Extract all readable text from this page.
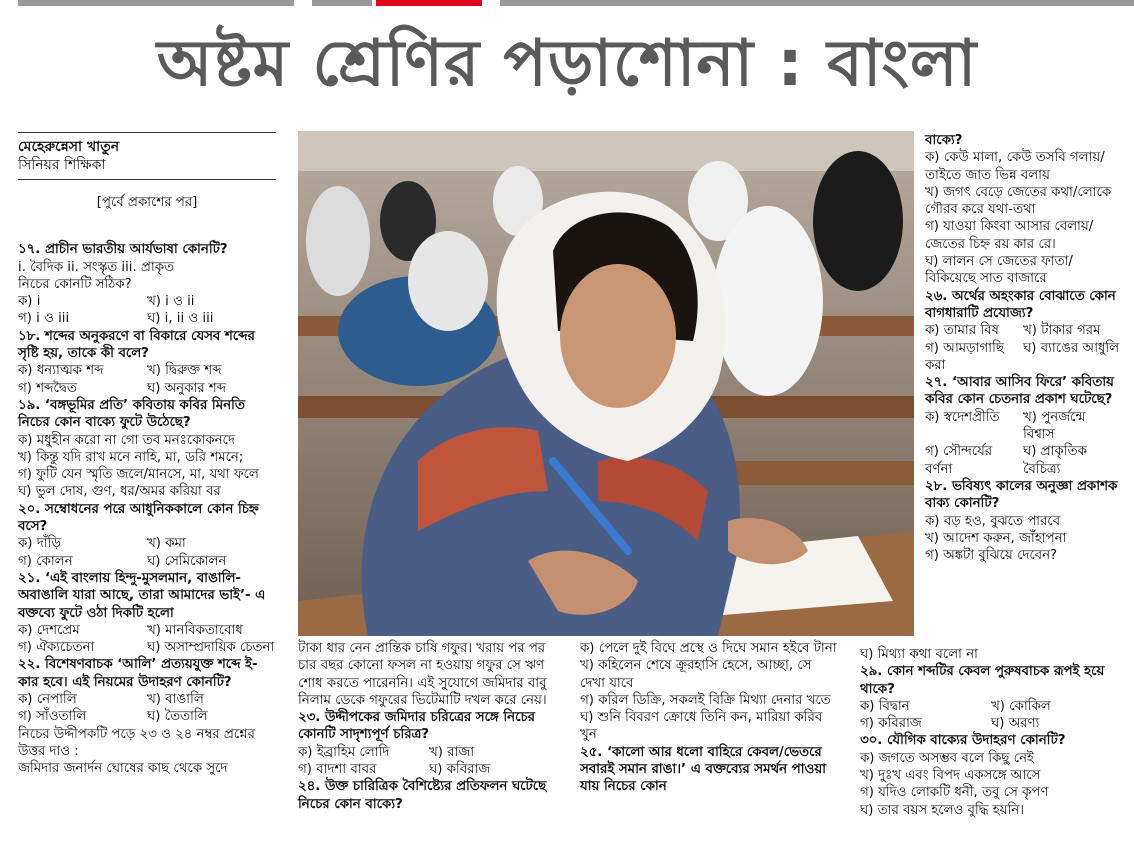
অষ্টম শ্রেণির পড়াশোনা : বাংলা
মেহেরুন্নেসা খাতুন
সিনিয়র শিক্ষিকা
[পুর্বে প্রকাশের পর]

১৭. প্রাচীন ভারতীয় আর্যভাষা কোনটি?

i. বৈদিক ii. সংস্কৃত iii. প্রাকৃত

নিচের কোনটি সঠিক?

ক) i	খ) i ও ii
গ) i ও iii	ঘ) i, ii ও iii

১৮. শব্দের অনুকরণে বা বিকারে যেসব শব্দের সৃষ্টি হয়, তাকে কী বলে?

ক) ধন্যাত্মক শব্দ	খ) দ্বিরুক্ত শব্দ
গ) শব্দদ্বৈত	ঘ) অনুকার শব্দ

১৯. ‘বঙ্গভূমির প্রতি’ কবিতায় কবির মিনতি নিচের কোন বাক্যে ফুটে উঠেছে?

ক) মধুহীন করো না গো তব মনঃকোকনদে

খ) কিন্তু যদি রাখ মনে নাহি, মা, ডরি শমনে;

গ) ফুটি যেন স্মৃতি জলে/মানসে, মা, যথা ফলে

ঘ) ভুল দোষ, গুণ, ধর/অমর করিয়া বর

২০. সম্বোধনের পরে আধুনিককালে কোন চিহ্ন বসে?

ক) দাঁড়ি	খ) কমা
গ) কোলন	ঘ) সেমিকোলন

২১. ‘এই বাংলায় হিন্দু-মুসলমান, বাঙালি-অবাঙালি যারা আছে, তারা আমাদের ভাই’- এ বক্তব্যে ফুটে ওঠা দিকটি হলো

ক) দেশপ্রেম	খ) মানবিকতাবোধ
গ) ঐক্যচেতনা	ঘ) অসাম্প্রদায়িক চেতনা

২২. বিশেষণবাচক ‘আলি’ প্রত্যয়যুক্ত শব্দে ই-কার হবে। এই নিয়মের উদাহরণ কোনটি?

ক) নেপালি	খ) বাঙালি
গ) সাঁওতালি	ঘ) তৈতালি

নিচের উদ্দীপকটি পড়ে ২৩ ও ২৪ নম্বর প্রশ্নের উত্তর দাও :

জমিদার জনার্দন ঘোষের কাছ থেকে সুদে

টাকা ধার নেন প্রান্তিক চাষি গফুর। খরায় পর পর চার বছর কোনো ফসল না হওয়ায় গফুর সে ঋণ শোধ করতে পারেননি। এই সুযোগে জমিদার বাবু নিলাম ডেকে গফুরের ভিটেমাটি দখল করে নেয়।

২৩. উদ্দীপকের জমিদার চরিত্রের সঙ্গে নিচের কোনটি সাদৃশ্যপূর্ণ চরিত্র?

ক) ইব্রাহিম লোদি	খ) রাজা
গ) বাদশা বাবর	ঘ) কবিরাজ

২৪. উক্ত চারিত্রিক বৈশিষ্ট্যের প্রতিফলন ঘটেছে নিচের কোন বাক্যে?

ক) পেলে দুই বিঘে প্রস্থে ও দিঘে সমান হইবে টানা

খ) কহিলেন শেষে ক্রূরহাসি হেসে, আচ্ছা, সে দেখা যাবে

গ) করিল ডিক্রি, সকলই বিক্রি মিথ্যা দেনার খতে

ঘ) শুনি বিবরণ ক্রোধে তিনি কন, মারিয়া করিব খুন

২৫. ‘কালো আর ধলো বাহিরে কেবল/ভেতরে সবারই সমান রাঙা।’ এ বক্তব্যের সমর্থন পাওয়া যায় নিচের কোন

বাক্যে?

ক) কেউ মালা, কেউ তসবি গলায়/তাইতে জাত ভিন্ন বলায়

খ) জগৎ বেড়ে জেতের কথা/লোকে গৌরব করে যথা-তথা

গ) যাওয়া কিংবা আসার বেলায়/জেতের চিহ্ন রয় কার রে।

ঘ) লালন সে জেতের ফাতা/বিকিয়েছে সাত বাজারে

২৬. অর্থের অহংকার বোঝাতে কোন বাগধারাটি প্রযোজ্য?

ক) তামার বিষ	খ) টাকার গরম
গ) আমড়াগাছি করা
ঘ) ব্যাঙের আধুলি

২৭. ‘আবার আসিব ফিরে’ কবিতায় কবির কোন চেতনার প্রকাশ ঘটেছে?

ক) স্বদেশপ্রীতি	খ) পুনর্জন্মে বিশ্বাস
গ) সৌন্দর্যের বর্ণনা
ঘ) প্রাকৃতিক বৈচিত্র্য

২৮. ভবিষ্যৎ কালের অনুজ্ঞা প্রকাশক বাক্য কোনটি?

ক) বড় হও, বুঝতে পারবে

খ) আদেশ করুন, জাঁহাপনা

গ) অঙ্কটা বুঝিয়ে দেবেন?

ঘ) মিথ্যা কথা বলো না

২৯. কোন শব্দটির কেবল পুরুষবাচক রূপই হয়ে থাকে?

ক) বিদ্বান	খ) কোকিল
গ) কবিরাজ	ঘ) অরণ্য

৩০. যৌগিক বাক্যের উদাহরণ কোনটি?

ক) জগতে অসম্ভব বলে কিছু নেই

খ) দুঃখ এবং বিপদ একসঙ্গে আসে

গ) যদিও লোকটি ধনী, তবু সে কৃপণ

ঘ) তার বয়স হলেও বুদ্ধি হয়নি।
